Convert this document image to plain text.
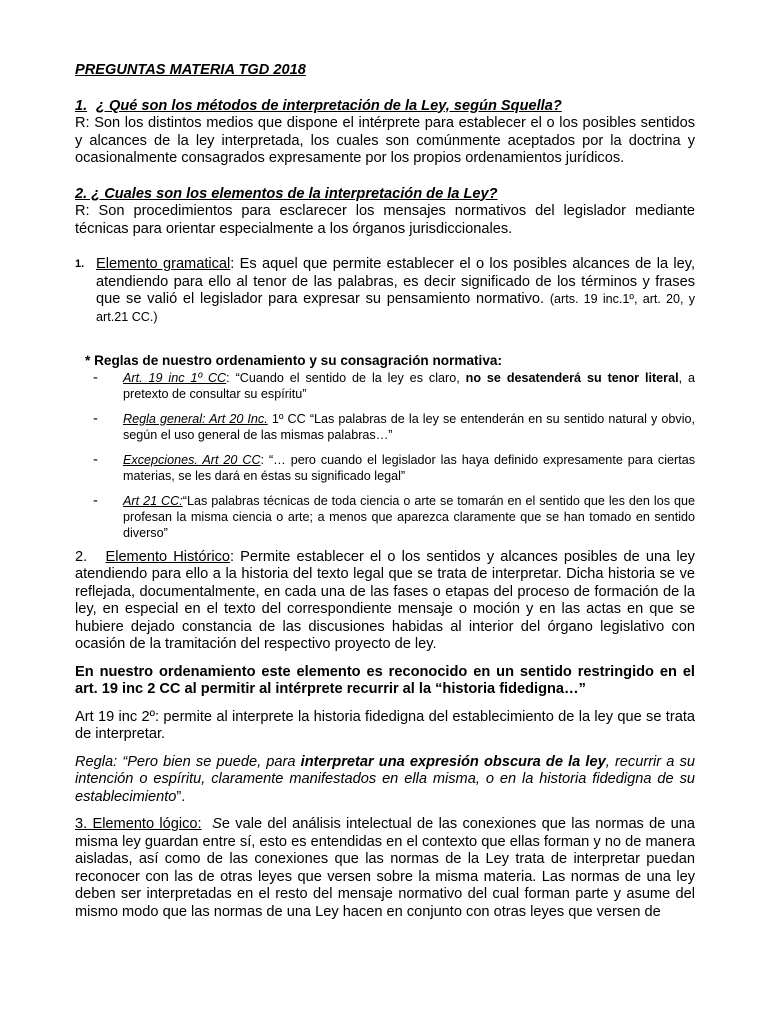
PREGUNTAS MATERIA TGD 2018

1. ¿ Qué son los métodos de interpretación de la Ley, según Squella?

R: Son los distintos medios que dispone el intérprete para establecer el o los posibles sentidos y alcances de la ley interpretada, los cuales son comúnmente aceptados por la doctrina y ocasionalmente consagrados expresamente por los propios ordenamientos jurídicos.

2. ¿ Cuales son los elementos de la interpretación de la Ley?

R: Son procedimientos para esclarecer los mensajes normativos del legislador mediante técnicas para orientar especialmente a los órganos jurisdiccionales.

1. Elemento gramatical: Es aquel que permite establecer el o los posibles alcances de la ley, atendiendo para ello al tenor de las palabras, es decir significado de los términos y frases que se valió el legislador para expresar su pensamiento normativo. (arts. 19 inc.1º, art. 20, y art.21 CC.)

* Reglas de nuestro ordenamiento y su consagración normativa:

-	Art. 19 inc 1º CC: “Cuando el sentido de la ley es claro, no se desatenderá su tenor literal, a pretexto de consultar su espíritu”

-	Regla general: Art 20 Inc. 1º CC “Las palabras de la ley se entenderán en su sentido natural y obvio, según el uso general de las mismas palabras…”

-	Excepciones. Art 20 CC: “… pero cuando el legislador las haya definido expresamente para ciertas materias, se les dará en éstas su significado legal”

-	Art 21 CC:“Las palabras técnicas de toda ciencia o arte se tomarán en el sentido que les den los que profesan la misma ciencia o arte; a menos que aparezca claramente que se han tomado en sentido diverso”

2. Elemento Histórico: Permite establecer el o los sentidos y alcances posibles de una ley atendiendo para ello a la historia del texto legal que se trata de interpretar. Dicha historia se ve reflejada, documentalmente, en cada una de las fases o etapas del proceso de formación de la ley, en especial en el texto del correspondiente mensaje o moción y en las actas en que se hubiere dejado constancia de las discusiones habidas al interior del órgano legislativo con ocasión de la tramitación del respectivo proyecto de ley.

En nuestro ordenamiento este elemento es reconocido en un sentido restringido en el art. 19 inc 2 CC al permitir al intérprete recurrir al la “historia fidedigna…”

Art 19 inc 2º: permite al interprete la historia fidedigna del establecimiento de la ley que se trata de interpretar.

Regla: “Pero bien se puede, para interpretar una expresión obscura de la ley, recurrir a su intención o espíritu, claramente manifestados en ella misma, o en la historia fidedigna de su establecimiento”.

3. Elemento lógico: Se vale del análisis intelectual de las conexiones que las normas de una misma ley guardan entre sí, esto es entendidas en el contexto que ellas forman y no de manera aisladas, así como de las conexiones que las normas de la Ley trata de interpretar puedan reconocer con las de otras leyes que versen sobre la misma materia. Las normas de una ley deben ser interpretadas en el resto del mensaje normativo del cual forman parte y asume del mismo modo que las normas de una Ley hacen en conjunto con otras leyes que versen de
